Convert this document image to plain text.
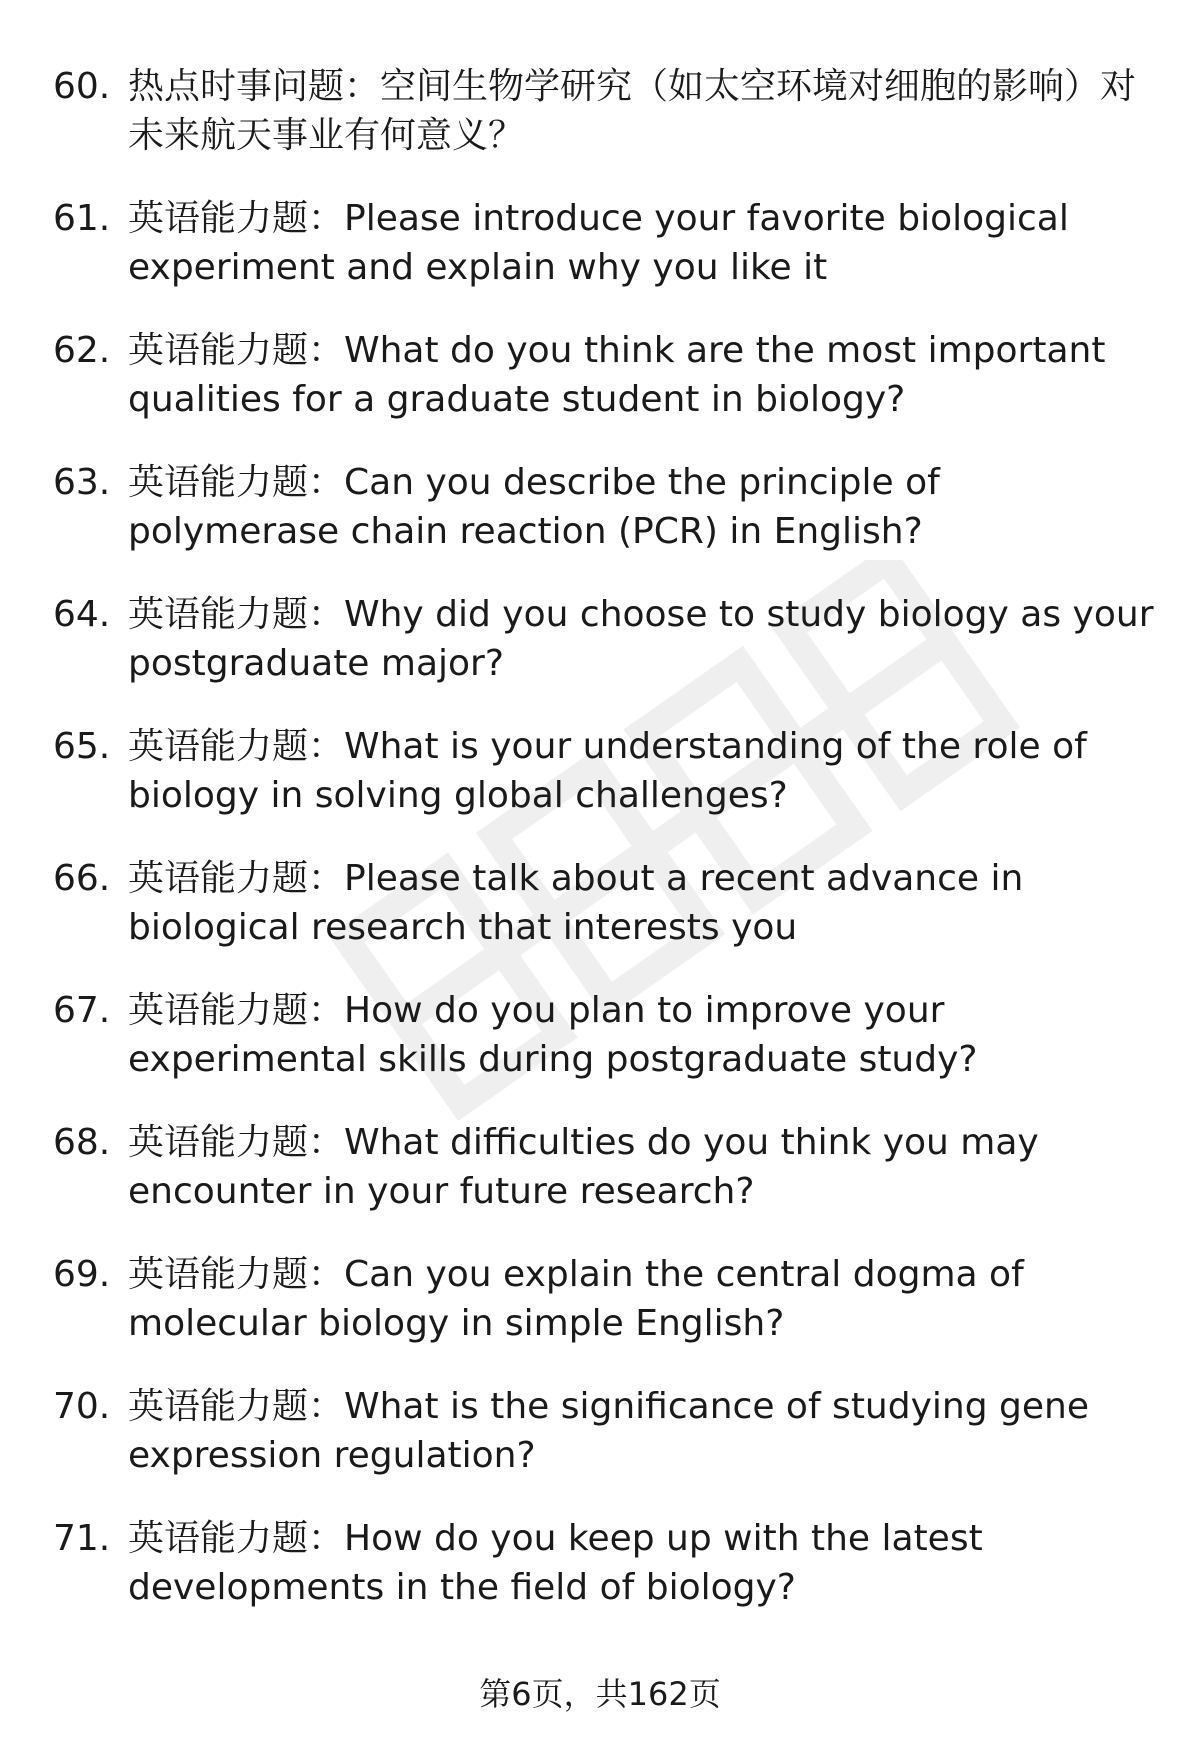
60. 热点时事问题：空间生物学研究（如太空环境对细胞的影响）对未来航天事业有何意义？
61. 英语能力题：Please introduce your favorite biological experiment and explain why you like it
62. 英语能力题：What do you think are the most important qualities for a graduate student in biology?
63. 英语能力题：Can you describe the principle of polymerase chain reaction (PCR) in English?
64. 英语能力题：Why did you choose to study biology as your postgraduate major?
65. 英语能力题：What is your understanding of the role of biology in solving global challenges?
66. 英语能力题：Please talk about a recent advance in biological research that interests you
67. 英语能力题：How do you plan to improve your experimental skills during postgraduate study?
68. 英语能力题：What difficulties do you think you may encounter in your future research?
69. 英语能力题：Can you explain the central dogma of molecular biology in simple English?
70. 英语能力题：What is the significance of studying gene expression regulation?
71. 英语能力题：How do you keep up with the latest developments in the field of biology?
第6页，共162页
